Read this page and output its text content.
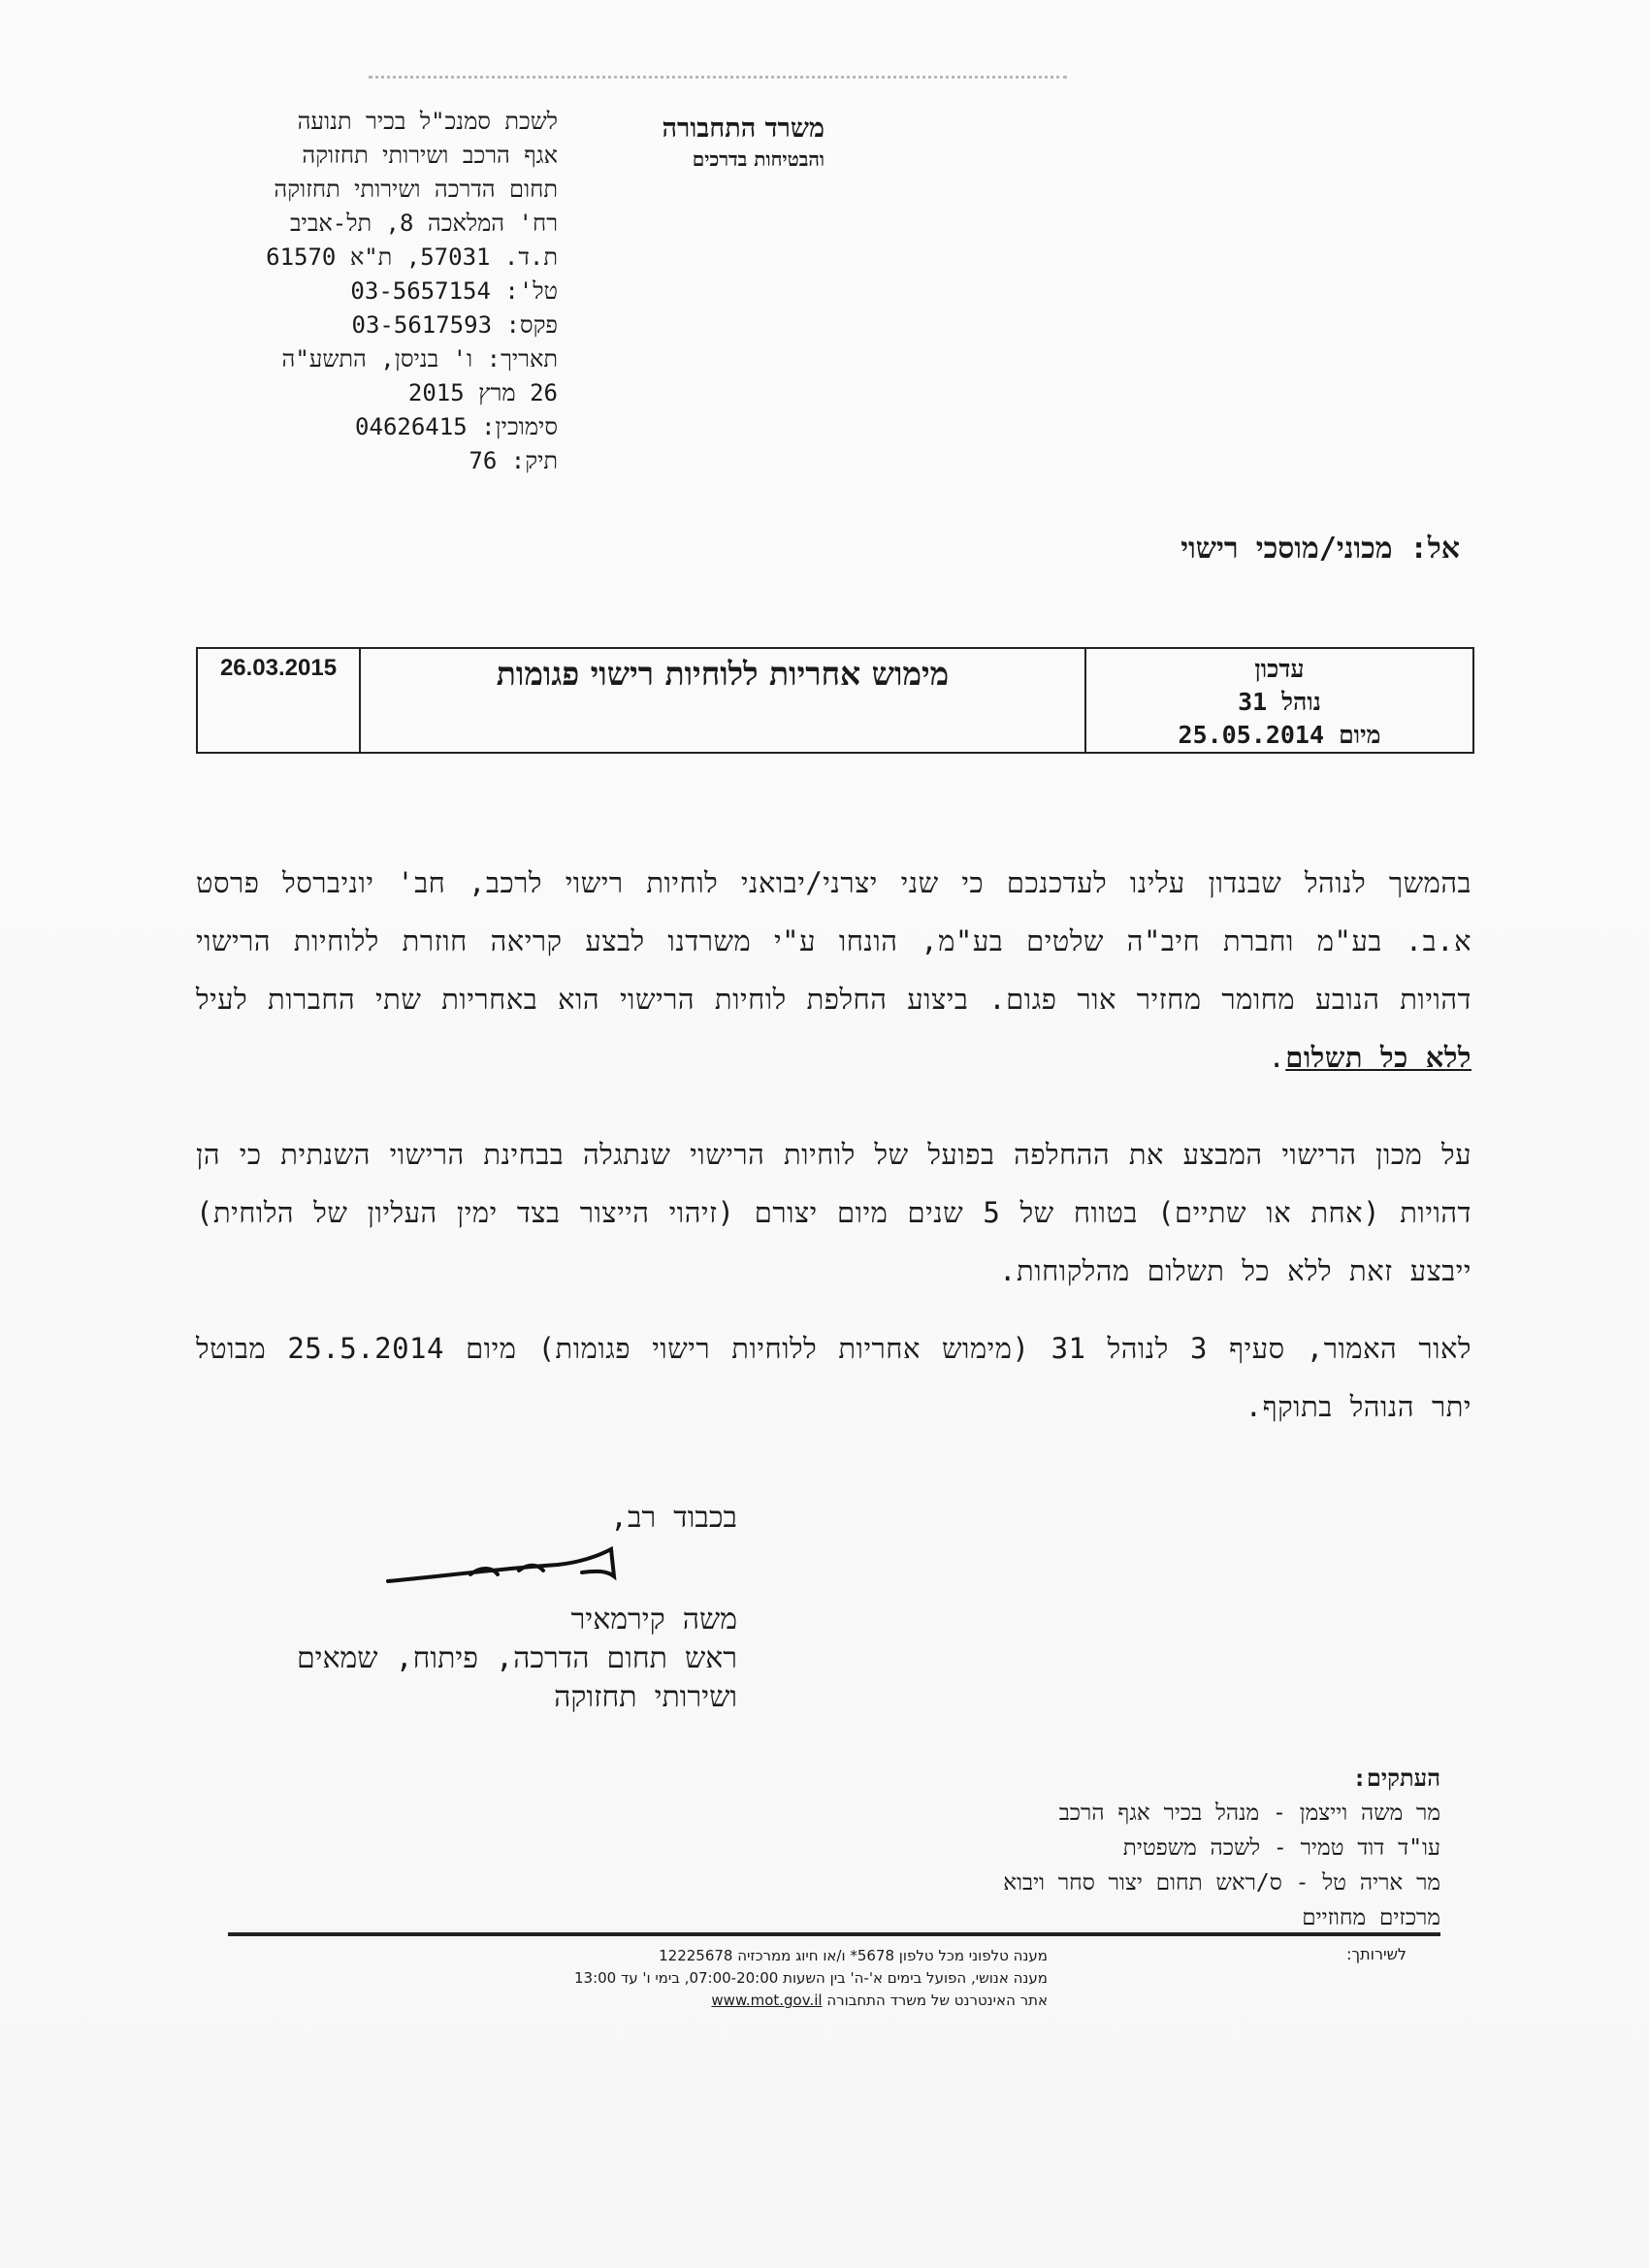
משרד התחבורה
והבטיחות בדרכים
לשכת סמנכ"ל בכיר תנועה
אגף הרכב ושירותי תחזוקה
תחום הדרכה ושירותי תחזוקה
רח' המלאכה 8, תל-אביב
ת.ד. 57031, ת"א 61570
טל': 03-5657154
פקס: 03-5617593
תאריך: ו' בניסן, התשע"ה
26 מרץ 2015
סימוכין: 04626415
תיק: 76
אל: מכוני/מוסכי רישוי
עדכון
נוהל 31
מיום 25.05.2014
מימוש אחריות ללוחיות רישוי פגומות
26.03.2015
בהמשך לנוהל שבנדון עלינו לעדכנכם כי שני יצרני/יבואני לוחיות רישוי לרכב, חב' יוניברסל פרסט א.ב. בע"מ וחברת חיב"ה שלטים בע"מ, הונחו ע"י משרדנו לבצע קריאה חוזרת ללוחיות הרישוי דהויות הנובע מחומר מחזיר אור פגום. ביצוע החלפת לוחיות הרישוי הוא באחריות שתי החברות לעיל ללא כל תשלום.
על מכון הרישוי המבצע את ההחלפה בפועל של לוחיות הרישוי שנתגלה בבחינת הרישוי השנתית כי הן דהויות (אחת או שתיים) בטווח של 5 שנים מיום יצורם (זיהוי הייצור בצד ימין העליון של הלוחית) ייבצע זאת ללא כל תשלום מהלקוחות.
לאור האמור, סעיף 3 לנוהל 31 (מימוש אחריות ללוחיות רישוי פגומות) מיום 25.5.2014 מבוטל יתר הנוהל בתוקף.
בכבוד רב,
משה קירמאיר
ראש תחום הדרכה, פיתוח, שמאים
ושירותי תחזוקה
העתקים:
מר משה וייצמן - מנהל בכיר אגף הרכב
עו"ד דוד טמיר - לשכה משפטית
מר אריה טל - ס/ראש תחום יצור סחר ויבוא
מרכזים מחוזיים
לשירותך:
מענה טלפוני מכל טלפון 5678* ו/או חיוג ממרכזיה 12225678
מענה אנושי, הפועל בימים א'-ה' בין השעות 07:00-20:00, בימי ו' עד 13:00
אתר האינטרנט של משרד התחבורה www.mot.gov.il
